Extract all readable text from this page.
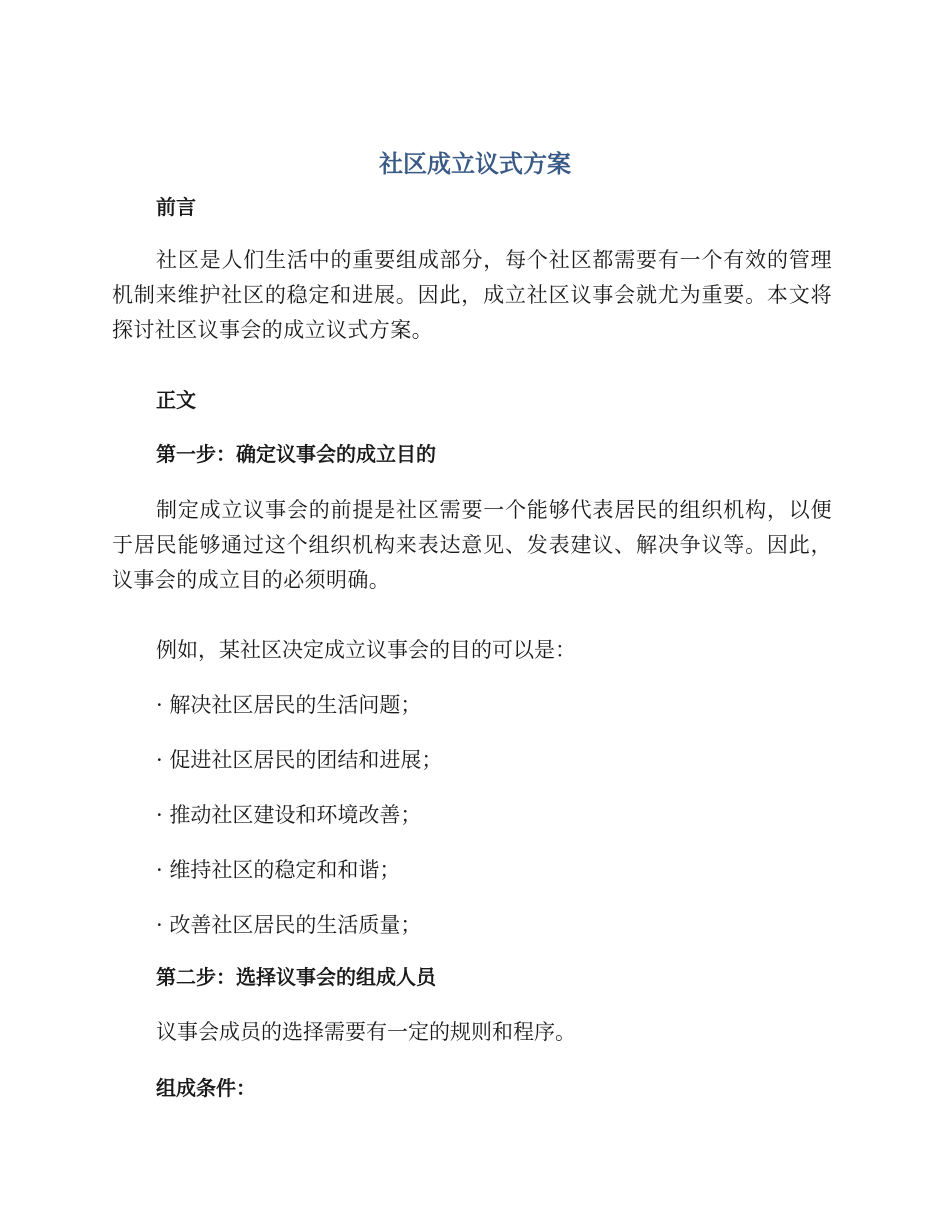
社区成立议式方案

前言

社区是人们生活中的重要组成部分，每个社区都需要有一个有效的管理机制来维护社区的稳定和进展。因此，成立社区议事会就尤为重要。本文将探讨社区议事会的成立议式方案。

正文

第一步：确定议事会的成立目的

制定成立议事会的前提是社区需要一个能够代表居民的组织机构，以便于居民能够通过这个组织机构来表达意见、发表建议、解决争议等。因此，议事会的成立目的必须明确。

例如，某社区决定成立议事会的目的可以是：

· 解决社区居民的生活问题；

· 促进社区居民的团结和进展；

· 推动社区建设和环境改善；

· 维持社区的稳定和和谐；

· 改善社区居民的生活质量；

第二步：选择议事会的组成人员

议事会成员的选择需要有一定的规则和程序。

组成条件：
